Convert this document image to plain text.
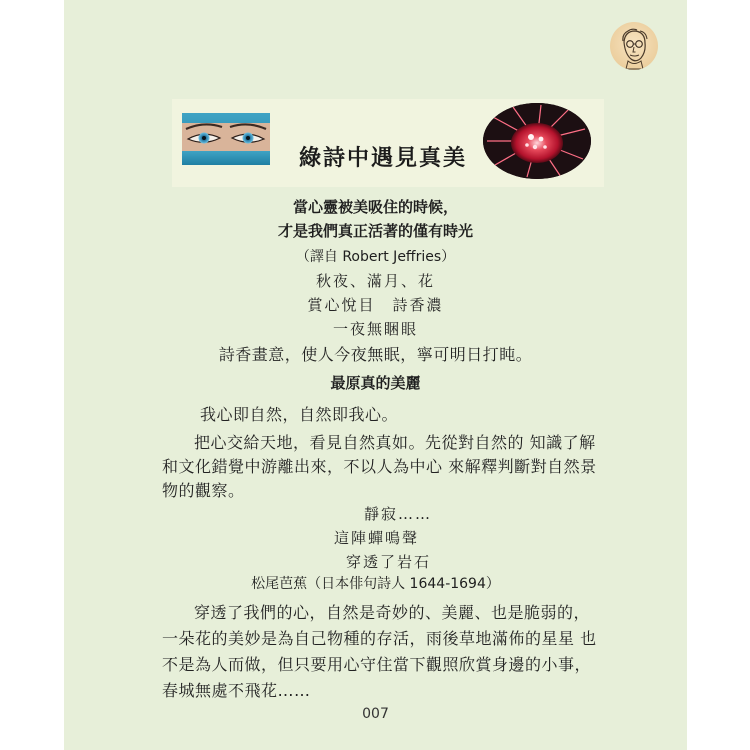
綠詩中遇見真美
當心靈被美吸住的時候，
才是我們真正活著的僅有時光
（譯自 Robert Jeffries）
秋夜、滿月、花
賞心悅目　詩香濃
一夜無睏眼
詩香畫意，使人今夜無眠，寧可明日打盹。
最原真的美麗
我心即自然，自然即我心。
把心交給天地，看見自然真如。先從對自然的 知識了解
和文化錯覺中游離出來，不以人為中心 來解釋判斷對自然景
物的觀察。
靜寂……
這陣蟬鳴聲
穿透了岩石
松尾芭蕉（日本俳句詩人 1644-1694）
穿透了我們的心，自然是奇妙的、美麗、也是脆弱的，
一朵花的美妙是為自己物種的存活，雨後草地滿佈的星星 也
不是為人而做，但只要用心守住當下觀照欣賞身邊的小事，
春城無處不飛花……
007
